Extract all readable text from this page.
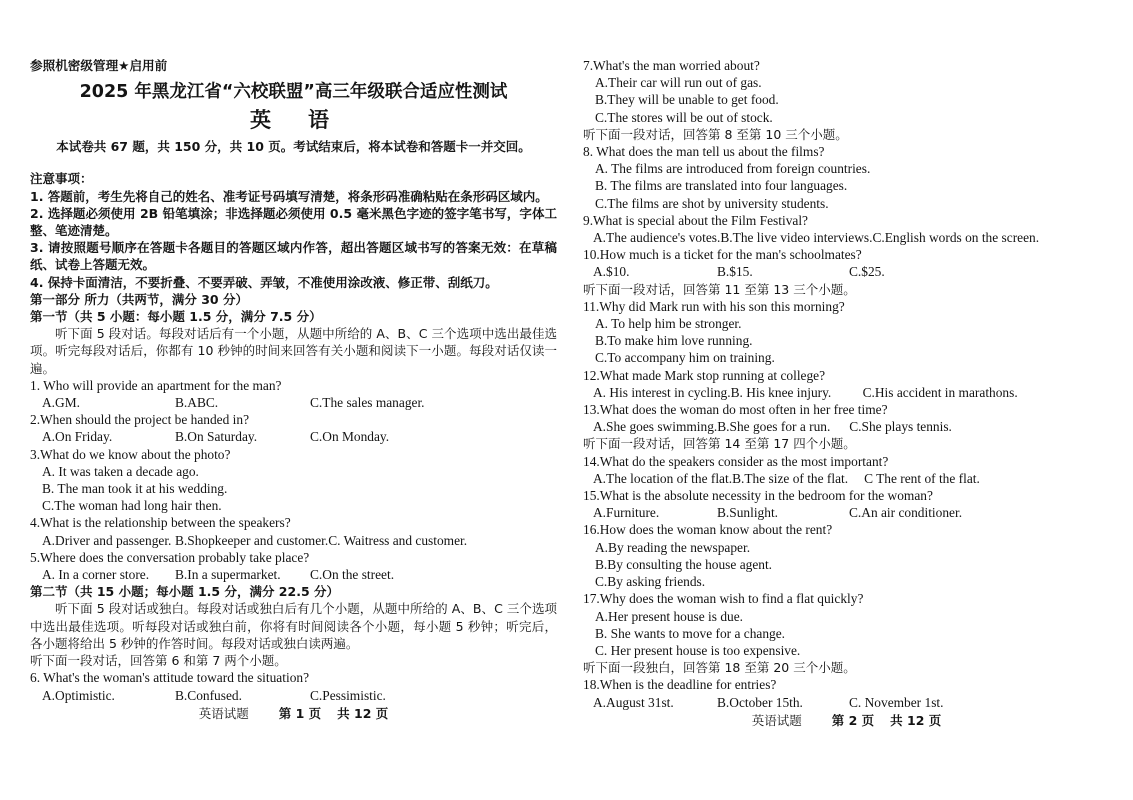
参照机密级管理★启用前

2025 年黑龙江省“六校联盟”高三年级联合适应性测试

英　语

本试卷共 67 题，共 150 分，共 10 页。考试结束后，将本试卷和答题卡一并交回。

注意事项：

1. 答题前，考生先将自己的姓名、准考证号码填写清楚，将条形码准确粘贴在条形码区域内。

2. 选择题必须使用 2B 铅笔填涂；非选择题必须使用 0.5 毫米黑色字迹的签字笔书写，字体工整、笔迹清楚。

3. 请按照题号顺序在答题卡各题目的答题区域内作答，超出答题区域书写的答案无效：在草稿纸、试卷上答题无效。

4. 保持卡面清洁，不要折叠、不要弄破、弄皱，不准使用涂改液、修正带、刮纸刀。

第一部分 所力（共两节，满分 30 分）

第一节（共 5 小题：每小题 1.5 分，满分 7.5 分）

听下面 5 段对话。每段对话后有一个小题，从题中所给的 A、B、C 三个选项中选出最佳选项。听完每段对话后，你都有 10 秒钟的时间来回答有关小题和阅读下一小题。每段对话仅读一遍。

1. Who will provide an apartment for the man?

A.GM.	B.ABC.	C.The sales manager.

2.When should the project be handed in?

A.On Friday.	B.On Saturday.	C.On Monday.

3.What do we know about the photo?

A. It was taken a decade ago.

B. The man took it at his wedding.

C.The woman had long hair then.

4.What is the relationship between the speakers?

A.Driver and passenger. B.Shopkeeper and customer. C. Waitress and customer.

5.Where does the conversation probably take place?

A. In a corner store.	B.In a supermarket.	C.On the street.

第二节（共 15 小题；每小题 1.5 分，满分 22.5 分）

听下面 5 段对话或独白。每段对话或独白后有几个小题，从题中所给的 A、B、C 三个选项中选出最佳选项。听每段对话或独白前，你将有时间阅读各个小题，每小题 5 秒钟；听完后，各小题将给出 5 秒钟的作答时间。每段对话或独白读两遍。

听下面一段对话，回答第 6 和第 7 两个小题。

6. What's the woman's attitude toward the situation?

A.Optimistic.	B.Confused.	C.Pessimistic.

英语试题 第 1 页 共 12 页

7.What's the man worried about?

A.Their car will run out of gas.

B.They will be unable to get food.

C.The stores will be out of stock.

听下面一段对话，回答第 8 至第 10 三个小题。

8. What does the man tell us about the films?

A. The films are introduced from foreign countries.

B. The films are translated into four languages.

C.The films are shot by university students.

9.What is special about the Film Festival?

A.The audience's votes. B.The live video interviews. C.English words on the screen.

10.How much is a ticket for the man's schoolmates?

A.$10.	B.$15.	C.$25.

听下面一段对话，回答第 11 至第 13 三个小题。

11.Why did Mark run with his son this morning?

A. To help him be stronger.

B.To make him love running.

C.To accompany him on training.

12.What made Mark stop running at college?

A. His interest in cycling. B. His knee injury.	C.His accident in marathons.

13.What does the woman do most often in her free time?

A.She goes swimming. B.She goes for a run.	C.She plays tennis.

听下面一段对话，回答第 14 至第 17 四个小题。

14.What do the speakers consider as the most important?

A.The location of the flat. B.The size of the flat.	C The rent of the flat.

15.What is the absolute necessity in the bedroom for the woman?

A.Furniture.	B.Sunlight.	C.An air conditioner.

16.How does the woman know about the rent?

A.By reading the newspaper.

B.By consulting the house agent.

C.By asking friends.

17.Why does the woman wish to find a flat quickly?

A.Her present house is due.

B. She wants to move for a change.

C. Her present house is too expensive.

听下面一段独白，回答第 18 至第 20 三个小题。

18.When is the deadline for entries?

A.August 31st.	B.October 15th.	C. November 1st.

英语试题 第 2 页 共 12 页
